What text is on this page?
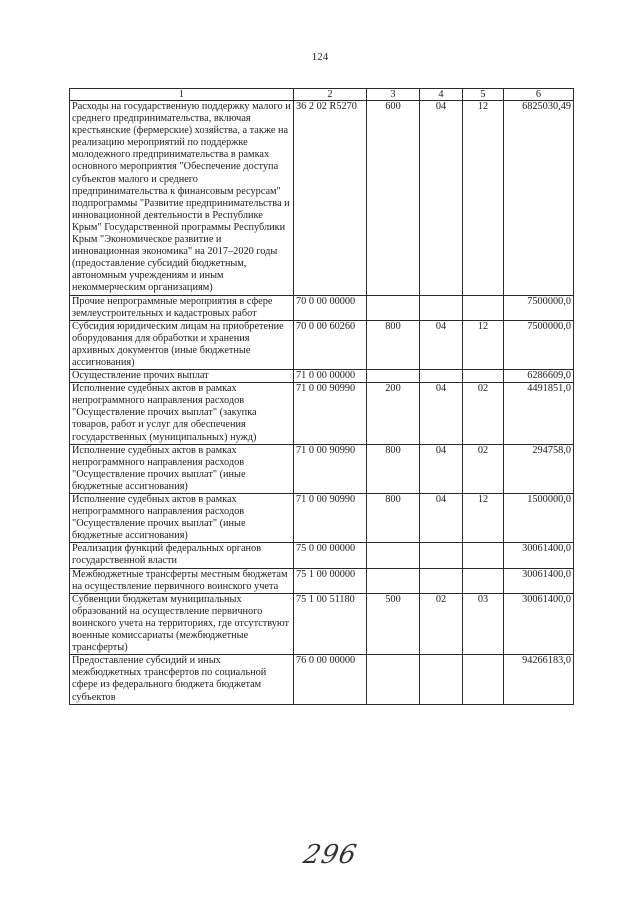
124
1	2	3	4	5	6
Расходы на государственную поддержку малого и среднего предпринимательства, включая крестьянские (фермерские) хозяйства, а также на реализацию мероприятий по поддержке молодежного предпринимательства в рамках основного мероприятия "Обеспечение доступа субъектов малого и среднего предпринимательства к финансовым ресурсам" подпрограммы "Развитие предпринимательства и инновационной деятельности в Республике Крым" Государственной программы Республики Крым "Экономическое развитие и инновационная экономика" на 2017–2020 годы (предоставление субсидий бюджетным, автономным учреждениям и иным некоммерческим организациям)	36 2 02 R5270	600	04	12	6825030,49
Прочие непрограммные мероприятия в сфере землеустроительных и кадастровых работ	70 0 00 00000				7500000,0
Субсидия юридическим лицам на приобретение оборудования для обработки и хранения архивных документов (иные бюджетные ассигнования)	70 0 00 60260	800	04	12	7500000,0
Осуществление прочих выплат	71 0 00 00000				6286609,0
Исполнение судебных актов в рамках непрограммного направления расходов "Осуществление прочих выплат" (закупка товаров, работ и услуг для обеспечения государственных (муниципальных) нужд)	71 0 00 90990	200	04	02	4491851,0
Исполнение судебных актов в рамках непрограммного направления расходов "Осуществление прочих выплат" (иные бюджетные ассигнования)	71 0 00 90990	800	04	02	294758,0
Исполнение судебных актов в рамках непрограммного направления расходов "Осуществление прочих выплат" (иные бюджетные ассигнования)	71 0 00 90990	800	04	12	1500000,0
Реализация функций федеральных органов государственной власти	75 0 00 00000				30061400,0
Межбюджетные трансферты местным бюджетам на осуществление первичного воинского учета	75 1 00 00000				30061400,0
Субвенции бюджетам муниципальных образований на осуществление первичного воинского учета на территориях, где отсутствуют военные комиссариаты (межбюджетные трансферты)	75 1 00 51180	500	02	03	30061400,0
Предоставление субсидий и иных межбюджетных трансфертов по социальной сфере из федерального бюджета бюджетам субъектов	76 0 00 00000				94266183,0
296
